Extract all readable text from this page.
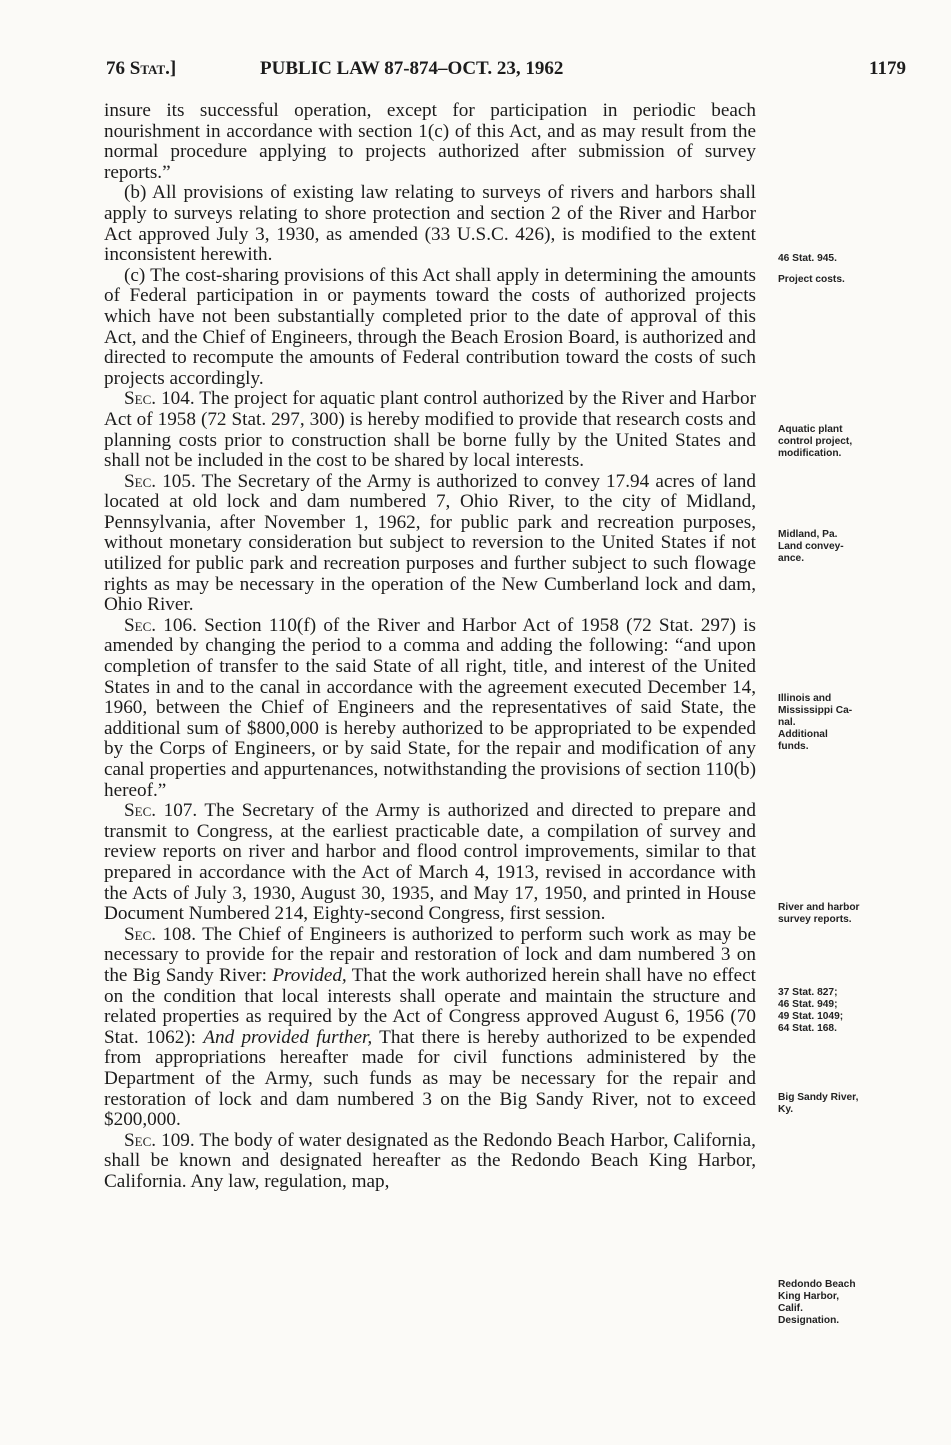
76 Stat.]	PUBLIC LAW 87-874–OCT. 23, 1962	1179

insure its successful operation, except for participation in periodic beach nourishment in accordance with section 1(c) of this Act, and as may result from the normal procedure applying to projects authorized after submission of survey reports.”

(b) All provisions of existing law relating to surveys of rivers and harbors shall apply to surveys relating to shore protection and section 2 of the River and Harbor Act approved July 3, 1930, as amended (33 U.S.C. 426), is modified to the extent inconsistent herewith.

(c) The cost-sharing provisions of this Act shall apply in determining the amounts of Federal participation in or payments toward the costs of authorized projects which have not been substantially completed prior to the date of approval of this Act, and the Chief of Engineers, through the Beach Erosion Board, is authorized and directed to recompute the amounts of Federal contribution toward the costs of such projects accordingly.

Sec. 104. The project for aquatic plant control authorized by the River and Harbor Act of 1958 (72 Stat. 297, 300) is hereby modified to provide that research costs and planning costs prior to construction shall be borne fully by the United States and shall not be included in the cost to be shared by local interests.

Sec. 105. The Secretary of the Army is authorized to convey 17.94 acres of land located at old lock and dam numbered 7, Ohio River, to the city of Midland, Pennsylvania, after November 1, 1962, for public park and recreation purposes, without monetary consideration but subject to reversion to the United States if not utilized for public park and recreation purposes and further subject to such flowage rights as may be necessary in the operation of the New Cumberland lock and dam, Ohio River.

Sec. 106. Section 110(f) of the River and Harbor Act of 1958 (72 Stat. 297) is amended by changing the period to a comma and adding the following: “and upon completion of transfer to the said State of all right, title, and interest of the United States in and to the canal in accordance with the agreement executed December 14, 1960, between the Chief of Engineers and the representatives of said State, the additional sum of $800,000 is hereby authorized to be appropriated to be expended by the Corps of Engineers, or by said State, for the repair and modification of any canal properties and appurtenances, notwithstanding the provisions of section 110(b) hereof.”

Sec. 107. The Secretary of the Army is authorized and directed to prepare and transmit to Congress, at the earliest practicable date, a compilation of survey and review reports on river and harbor and flood control improvements, similar to that prepared in accordance with the Act of March 4, 1913, revised in accordance with the Acts of July 3, 1930, August 30, 1935, and May 17, 1950, and printed in House Document Numbered 214, Eighty-second Congress, first session.

Sec. 108. The Chief of Engineers is authorized to perform such work as may be necessary to provide for the repair and restoration of lock and dam numbered 3 on the Big Sandy River: Provided, That the work authorized herein shall have no effect on the condition that local interests shall operate and maintain the structure and related properties as required by the Act of Congress approved August 6, 1956 (70 Stat. 1062): And provided further, That there is hereby authorized to be expended from appropriations hereafter made for civil functions administered by the Department of the Army, such funds as may be necessary for the repair and restoration of lock and dam numbered 3 on the Big Sandy River, not to exceed $200,000.

Sec. 109. The body of water designated as the Redondo Beach Harbor, California, shall be known and designated hereafter as the Redondo Beach King Harbor, California. Any law, regulation, map,

46 Stat. 945.
Project costs.
Aquatic plant
control project,
modification.
Midland, Pa.
Land convey-
ance.
Illinois and
Mississippi Ca-
nal.
Additional
funds.
River and harbor
survey reports.
37 Stat. 827;
46 Stat. 949;
49 Stat. 1049;
64 Stat. 168.
Big Sandy River,
Ky.
Redondo Beach
King Harbor,
Calif.
Designation.
